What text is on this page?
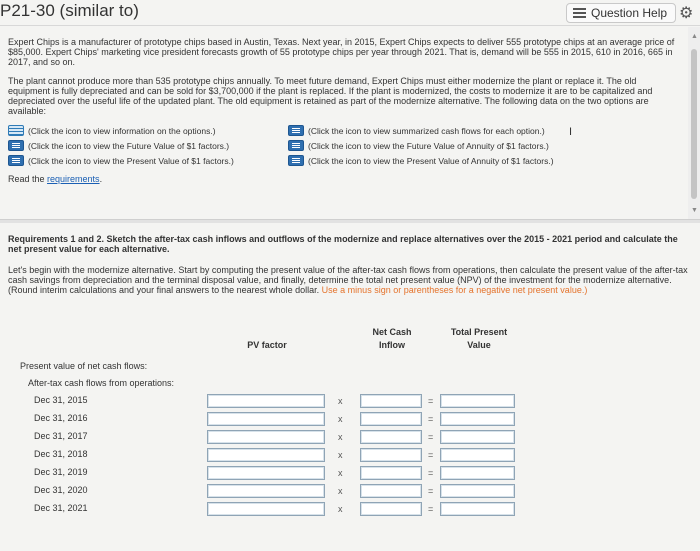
P21-30 (similar to)	Question Help ⚙

Expert Chips is a manufacturer of prototype chips based in Austin, Texas. Next year, in 2015, Expert Chips expects to deliver 555 prototype chips at an average price of $85,000. Expert Chips' marketing vice president forecasts growth of 55 prototype chips per year through 2021. That is, demand will be 555 in 2015, 610 in 2016, 665 in 2017, and so on.

The plant cannot produce more than 535 prototype chips annually. To meet future demand, Expert Chips must either modernize the plant or replace it. The old equipment is fully depreciated and can be sold for $3,700,000 if the plant is replaced. If the plant is modernized, the costs to modernize it are to be capitalized and depreciated over the useful life of the updated plant. The old equipment is retained as part of the modernize alternative. The following data on the two options are available:

(Click the icon to view information on the options.)	(Click the icon to view summarized cash flows for each option.)
(Click the icon to view the Future Value of $1 factors.)	(Click the icon to view the Future Value of Annuity of $1 factors.)
(Click the icon to view the Present Value of $1 factors.)	(Click the icon to view the Present Value of Annuity of $1 factors.)
Read the requirements.
I
▲
▼

Requirements 1 and 2. Sketch the after-tax cash inflows and outflows of the modernize and replace alternatives over the 2015 - 2021 period and calculate the net present value for each alternative.

Let's begin with the modernize alternative. Start by computing the present value of the after-tax cash flows from operations, then calculate the present value of the after-tax cash savings from depreciation and the terminal disposal value, and finally, determine the total net present value (NPV) of the investment for the modernize alternative. (Round interim calculations and your final answers to the nearest whole dollar. Use a minus sign or parentheses for a negative net present value.)

PV factor
Net Cash
Inflow
Total Present
Value
Present value of net cash flows:
After-tax cash flows from operations:
Dec 31, 2015	x	=
Dec 31, 2016	x	=
Dec 31, 2017	x	=
Dec 31, 2018	x	=
Dec 31, 2019	x	=
Dec 31, 2020	x	=
Dec 31, 2021	x	=
